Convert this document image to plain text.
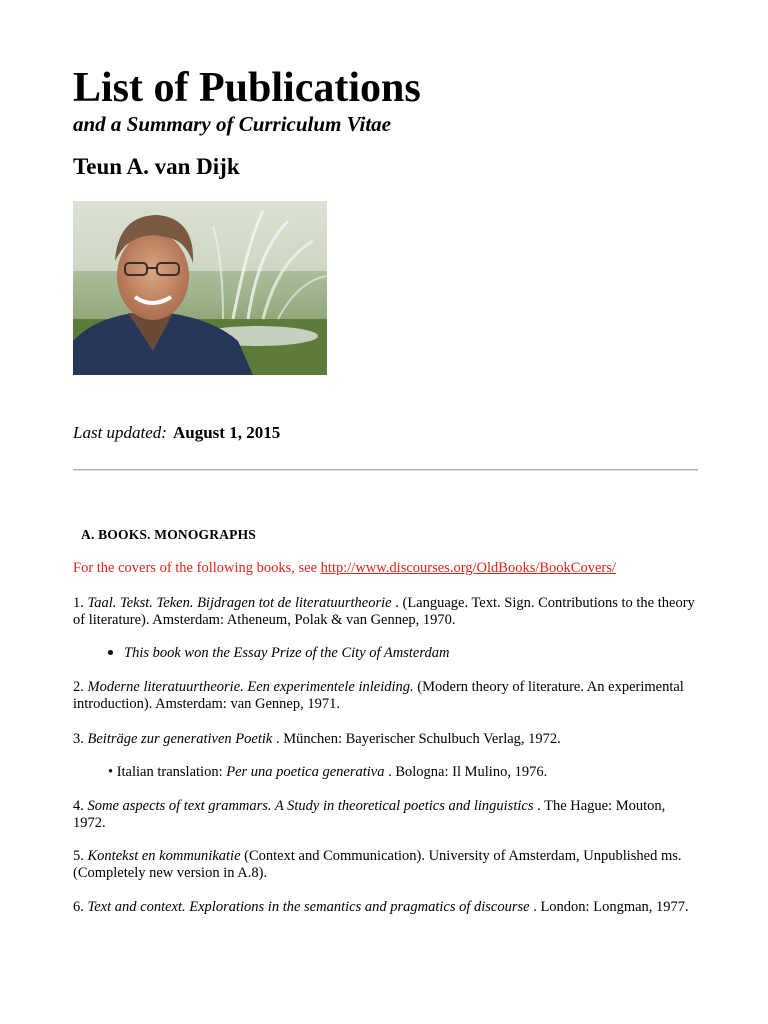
List of Publications
and a Summary of Curriculum Vitae
Teun A. van Dijk
Last updated: August 1, 2015
A. BOOKS. MONOGRAPHS
For the covers of the following books, see http://www.discourses.org/OldBooks/BookCovers/
1. Taal. Tekst. Teken. Bijdragen tot de literatuurtheorie . (Language. Text. Sign. Contributions to the theory of literature). Amsterdam: Atheneum, Polak & van Gennep, 1970.
This book won the Essay Prize of the City of Amsterdam
2. Moderne literatuurtheorie. Een experimentele inleiding. (Modern theory of literature. An experimental introduction). Amsterdam: van Gennep, 1971.
3. Beiträge zur generativen Poetik . München: Bayerischer Schulbuch Verlag, 1972.
• Italian translation: Per una poetica generativa . Bologna: Il Mulino, 1976.
4. Some aspects of text grammars. A Study in theoretical poetics and linguistics . The Hague: Mouton, 1972.
5. Kontekst en kommunikatie (Context and Communication). University of Amsterdam, Unpublished ms. (Completely new version in A.8).
6. Text and context. Explorations in the semantics and pragmatics of discourse . London: Longman, 1977.
